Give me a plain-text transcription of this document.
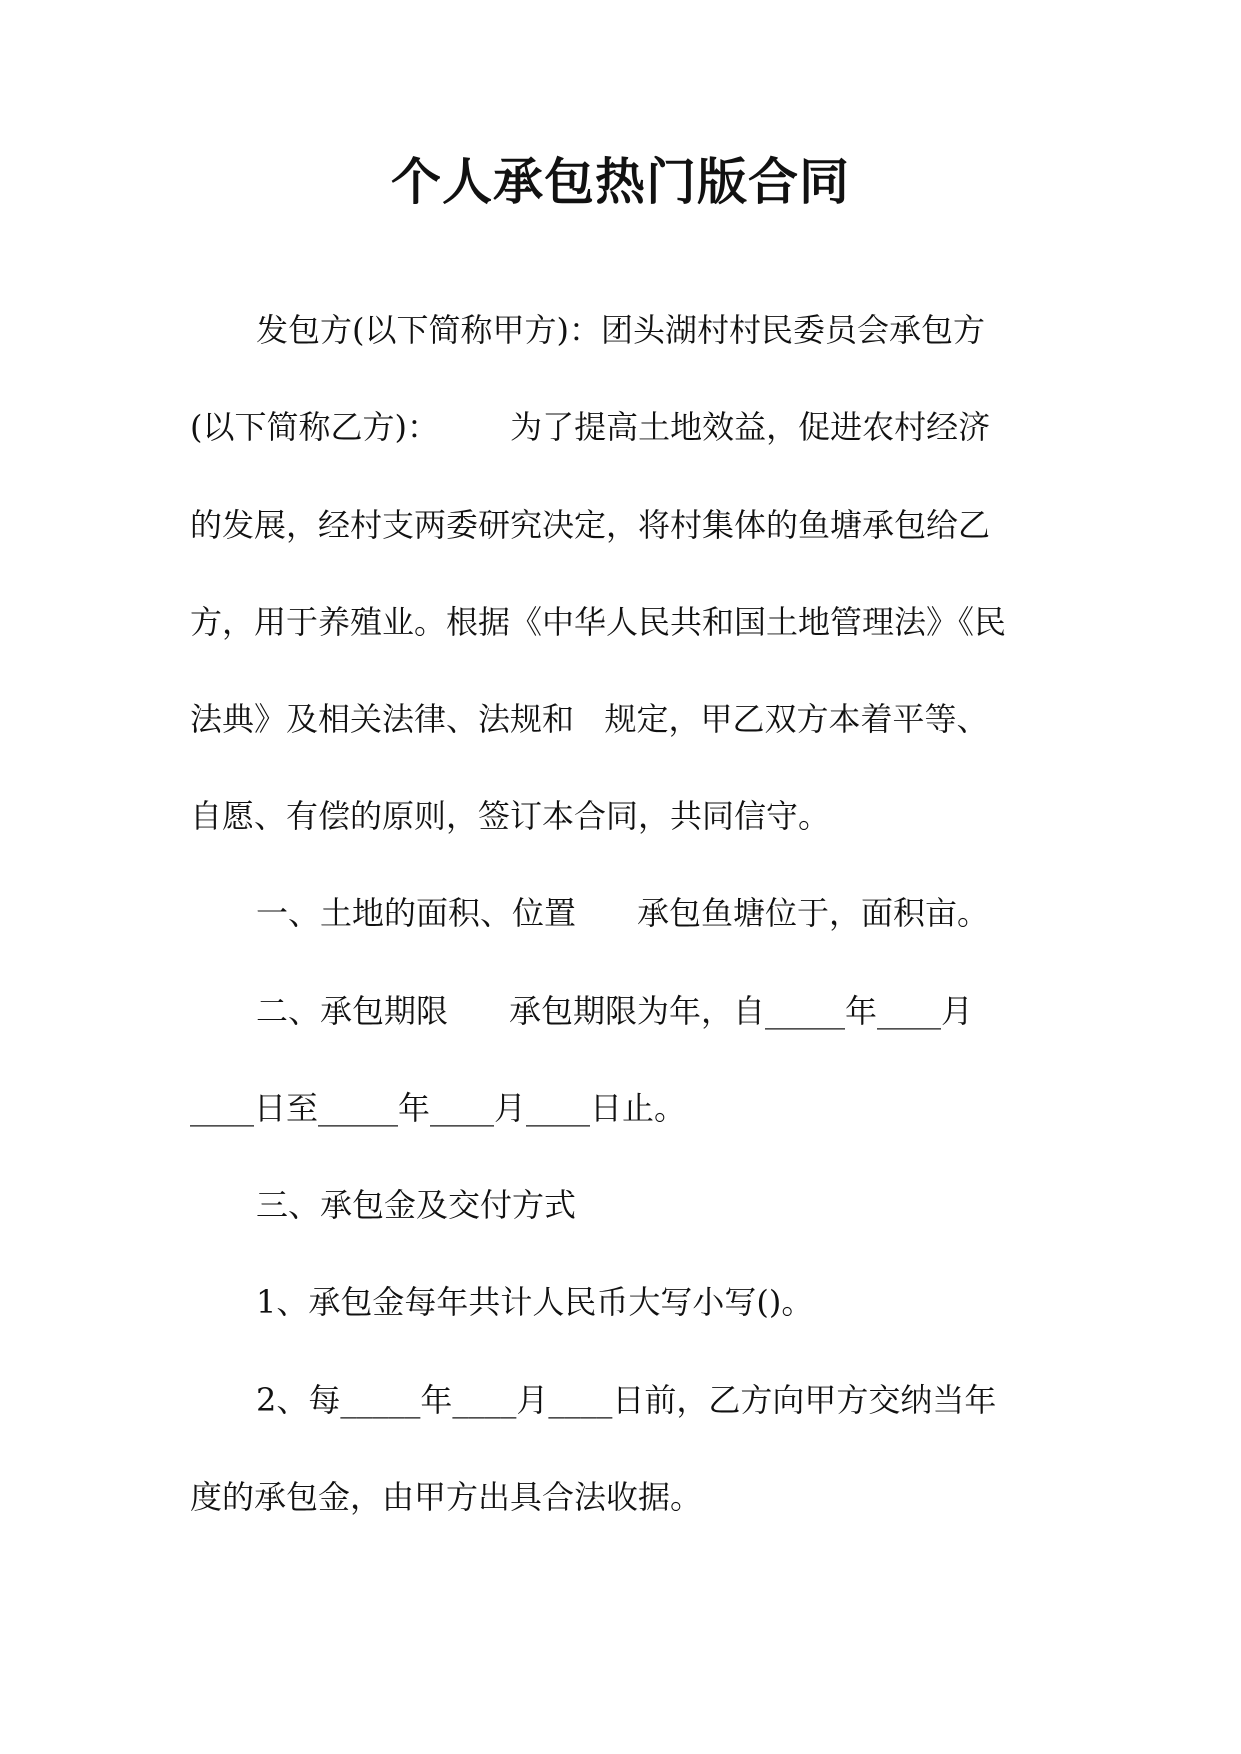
个人承包热门版合同
发包方(以下简称甲方)：团头湖村村民委员会承包方
(以下简称乙方)：       为了提高土地效益，促进农村经济
的发展，经村支两委研究决定，将村集体的鱼塘承包给乙
方，用于养殖业。根据《中华人民共和国土地管理法》《民
法典》及相关法律、法规和   规定，甲乙双方本着平等、
自愿、有偿的原则，签订本合同，共同信守。
一、土地的面积、位置      承包鱼塘位于，面积亩。
二、承包期限      承包期限为年，自_____年____月
____日至_____年____月____日止。
三、承包金及交付方式
1、承包金每年共计人民币大写小写()。
2、每_____年____月____日前，乙方向甲方交纳当年
度的承包金，由甲方出具合法收据。
